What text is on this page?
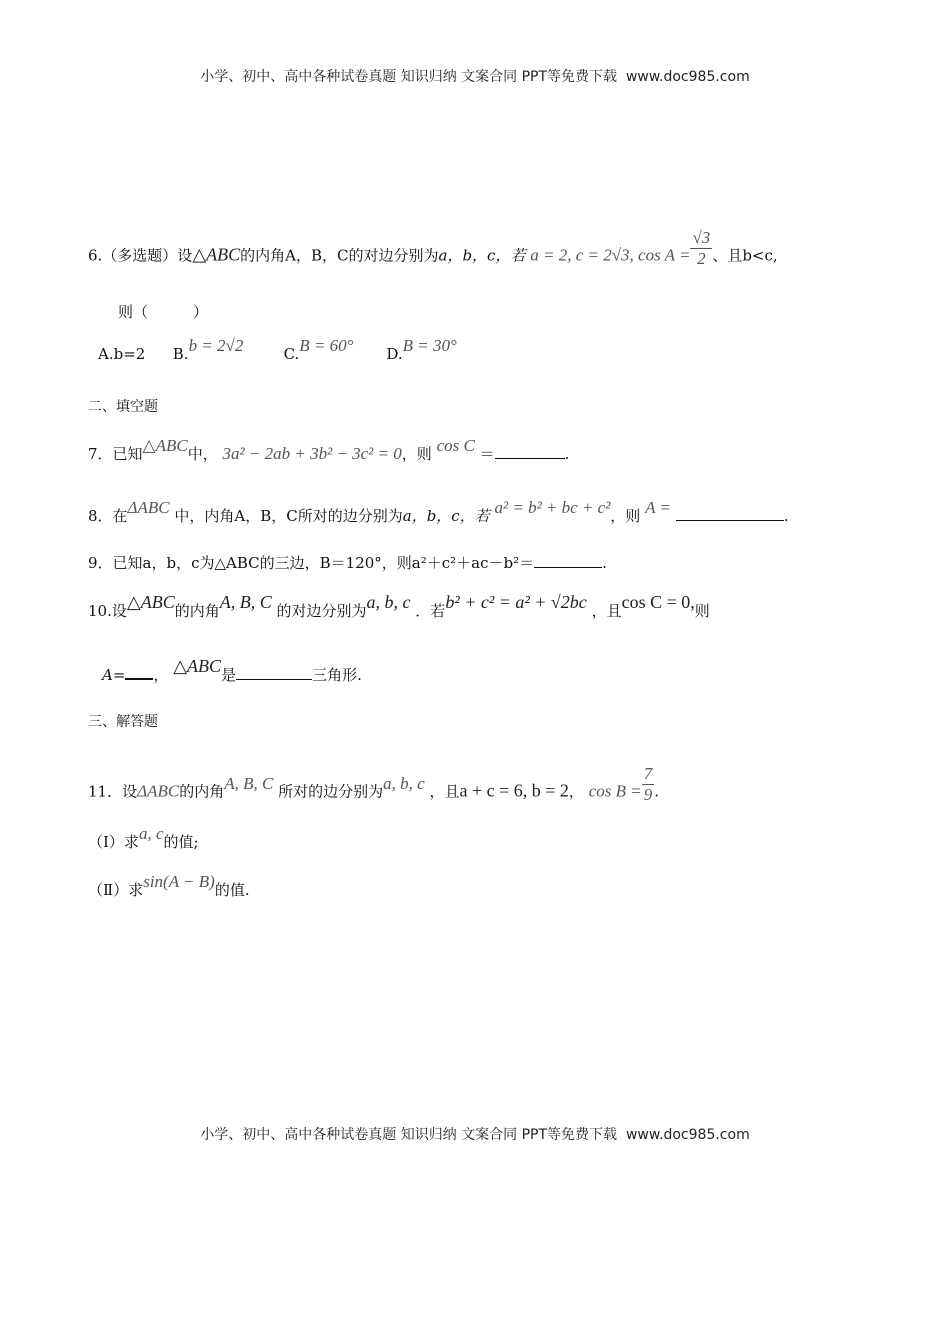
小学、初中、高中各种试卷真题 知识归纳 文案合同 PPT等免费下载 www.doc985.com
6.（多选题）设△ABC的内角A，B，C的对边分别为a，b，c，若 a = 2, c = 2√3, $\cos A = \frac{√3}{2}$ 、且b<c,
则（　　　）
A.b=2 B.b = 2√2	C.B = 60° D.B = 30°
二、填空题
7．已知△ABC中， 3a² − 2ab + 3b² − 3c² = 0，则 cos C ＝	.
8．在ΔABC 中，内角A，B，C所对的边分别为a，b，c，若 a² = b² + bc + c²，则 A =	.
9．已知a，b，c为△ABC的三边，B＝120°，则a²＋c²＋ac－b²＝	.
10.设△ABC的内角A, B, C 的对边分别为a, b, c ．若b² + c² = a² + √2bc ，且cos C = 0,则
A= ， △ABC是	三角形.
三、解答题
11．设ΔABC的内角A, B, C 所对的边分别为a, b, c ，且a + c = 6, b = 2， $\cos B = \frac{7}{9}$ .
（Ⅰ）求a, c的值;
（Ⅱ）求sin(A − B)的值.
小学、初中、高中各种试卷真题 知识归纳 文案合同 PPT等免费下载 www.doc985.com
